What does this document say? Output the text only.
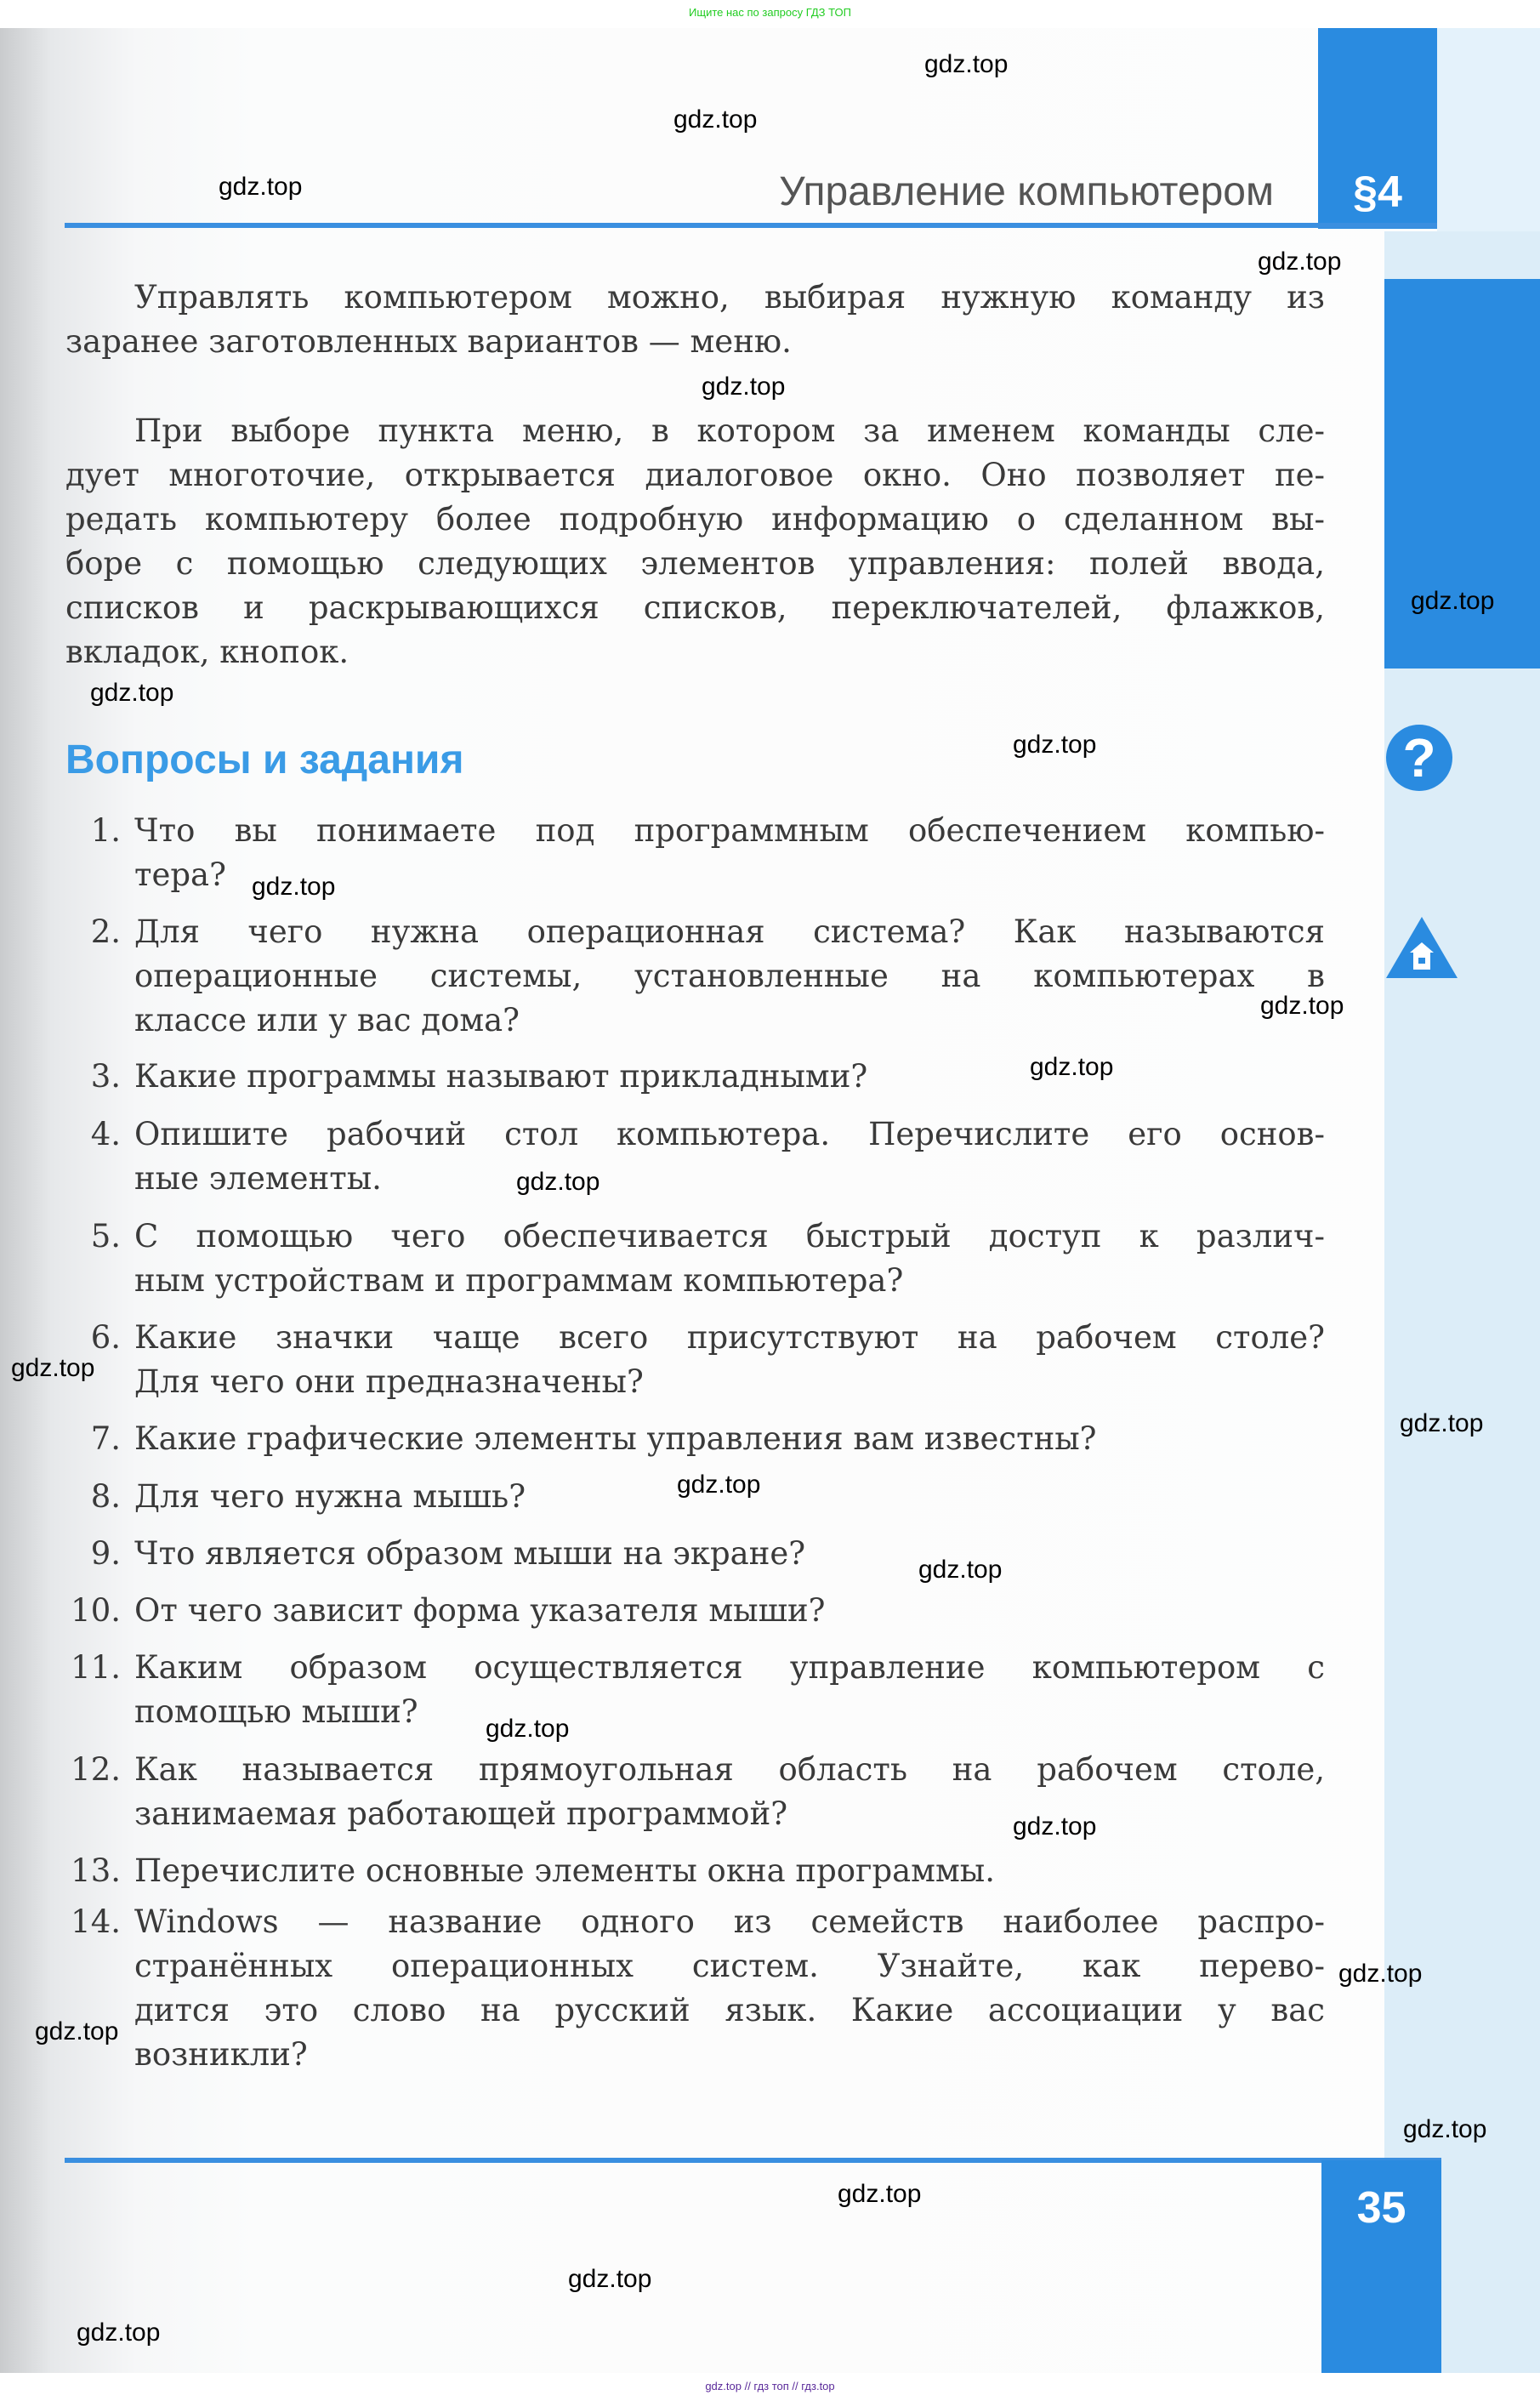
Ищите нас по запросу ГДЗ ТОП
Управление компьютером	§4
?
Управлять компьютером можно, выбирая нужную команду из
заранее заготовленных вариантов — меню.
При выборе пункта меню, в котором за именем команды сле-
дует многоточие, открывается диалоговое окно. Оно позволяет пе-
редать компьютеру более подробную информацию о сделанном вы-
боре с помощью следующих элементов управления: полей ввода,
списков и раскрывающихся списков, переключателей, флажков,
вкладок, кнопок.
Вопросы и задания
1. Что вы понимаете под программным обеспечением компью-
тера?
2. Для чего нужна операционная система? Как называются
операционные системы, установленные на компьютерах в
классе или у вас дома?
3. Какие программы называют прикладными?
4. Опишите рабочий стол компьютера. Перечислите его основ-
ные элементы.
5. С помощью чего обеспечивается быстрый доступ к различ-
ным устройствам и программам компьютера?
6. Какие значки чаще всего присутствуют на рабочем столе?
Для чего они предназначены?
7. Какие графические элементы управления вам известны?
8. Для чего нужна мышь?
9. Что является образом мыши на экране?
10. От чего зависит форма указателя мыши?
11. Каким образом осуществляется управление компьютером с
помощью мыши?
12. Как называется прямоугольная область на рабочем столе,
занимаемая работающей программой?
13. Перечислите основные элементы окна программы.
14. Windows — название одного из семейств наиболее распро-
странённых операционных систем. Узнайте, как перево-
дится это слово на русский язык. Какие ассоциации у вас
возникли?
35
gdz.top // гдз топ // гдз.top
gdz.top
gdz.top
gdz.top
gdz.top
gdz.top
gdz.top
gdz.top
gdz.top
gdz.top
gdz.top
gdz.top
gdz.top
gdz.top
gdz.top
gdz.top
gdz.top
gdz.top
gdz.top
gdz.top
gdz.top
gdz.top
gdz.top
gdz.top
gdz.top
